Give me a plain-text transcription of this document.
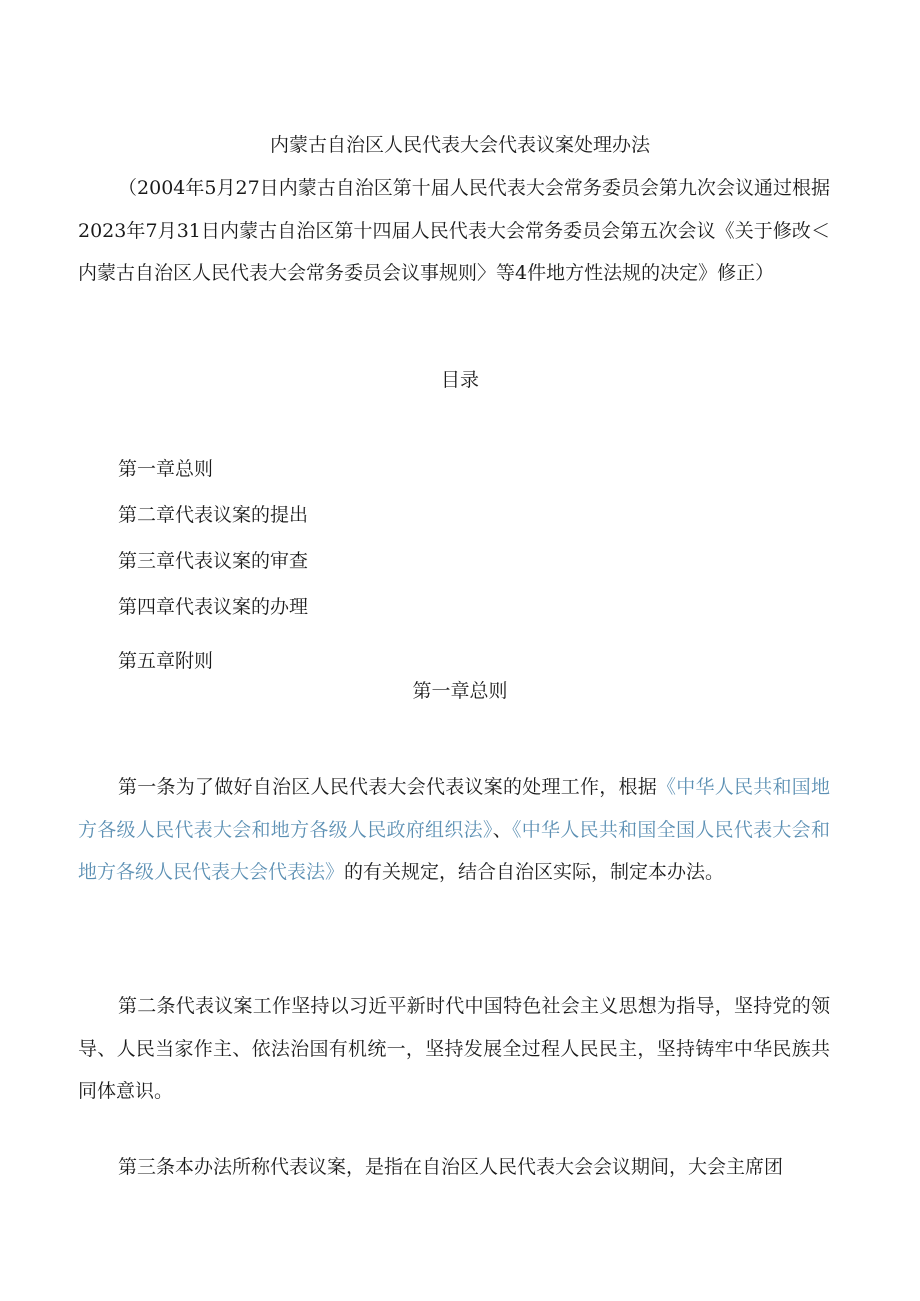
内蒙古自治区人民代表大会代表议案处理办法

（2004年5月27日内蒙古自治区第十届人民代表大会常务委员会第九次会议通过根据2023年7月31日内蒙古自治区第十四届人民代表大会常务委员会第五次会议《关于修改＜内蒙古自治区人民代表大会常务委员会议事规则〉等4件地方性法规的决定》修正）

目录
第一章总则
第二章代表议案的提出
第三章代表议案的审查
第四章代表议案的办理
第五章附则
第一章总则

第一条为了做好自治区人民代表大会代表议案的处理工作，根据《中华人民共和国地方各级人民代表大会和地方各级人民政府组织法》、《中华人民共和国全国人民代表大会和地方各级人民代表大会代表法》的有关规定，结合自治区实际，制定本办法。

第二条代表议案工作坚持以习近平新时代中国特色社会主义思想为指导，坚持党的领导、人民当家作主、依法治国有机统一，坚持发展全过程人民民主，坚持铸牢中华民族共同体意识。

第三条本办法所称代表议案，是指在自治区人民代表大会会议期间，大会主席团
